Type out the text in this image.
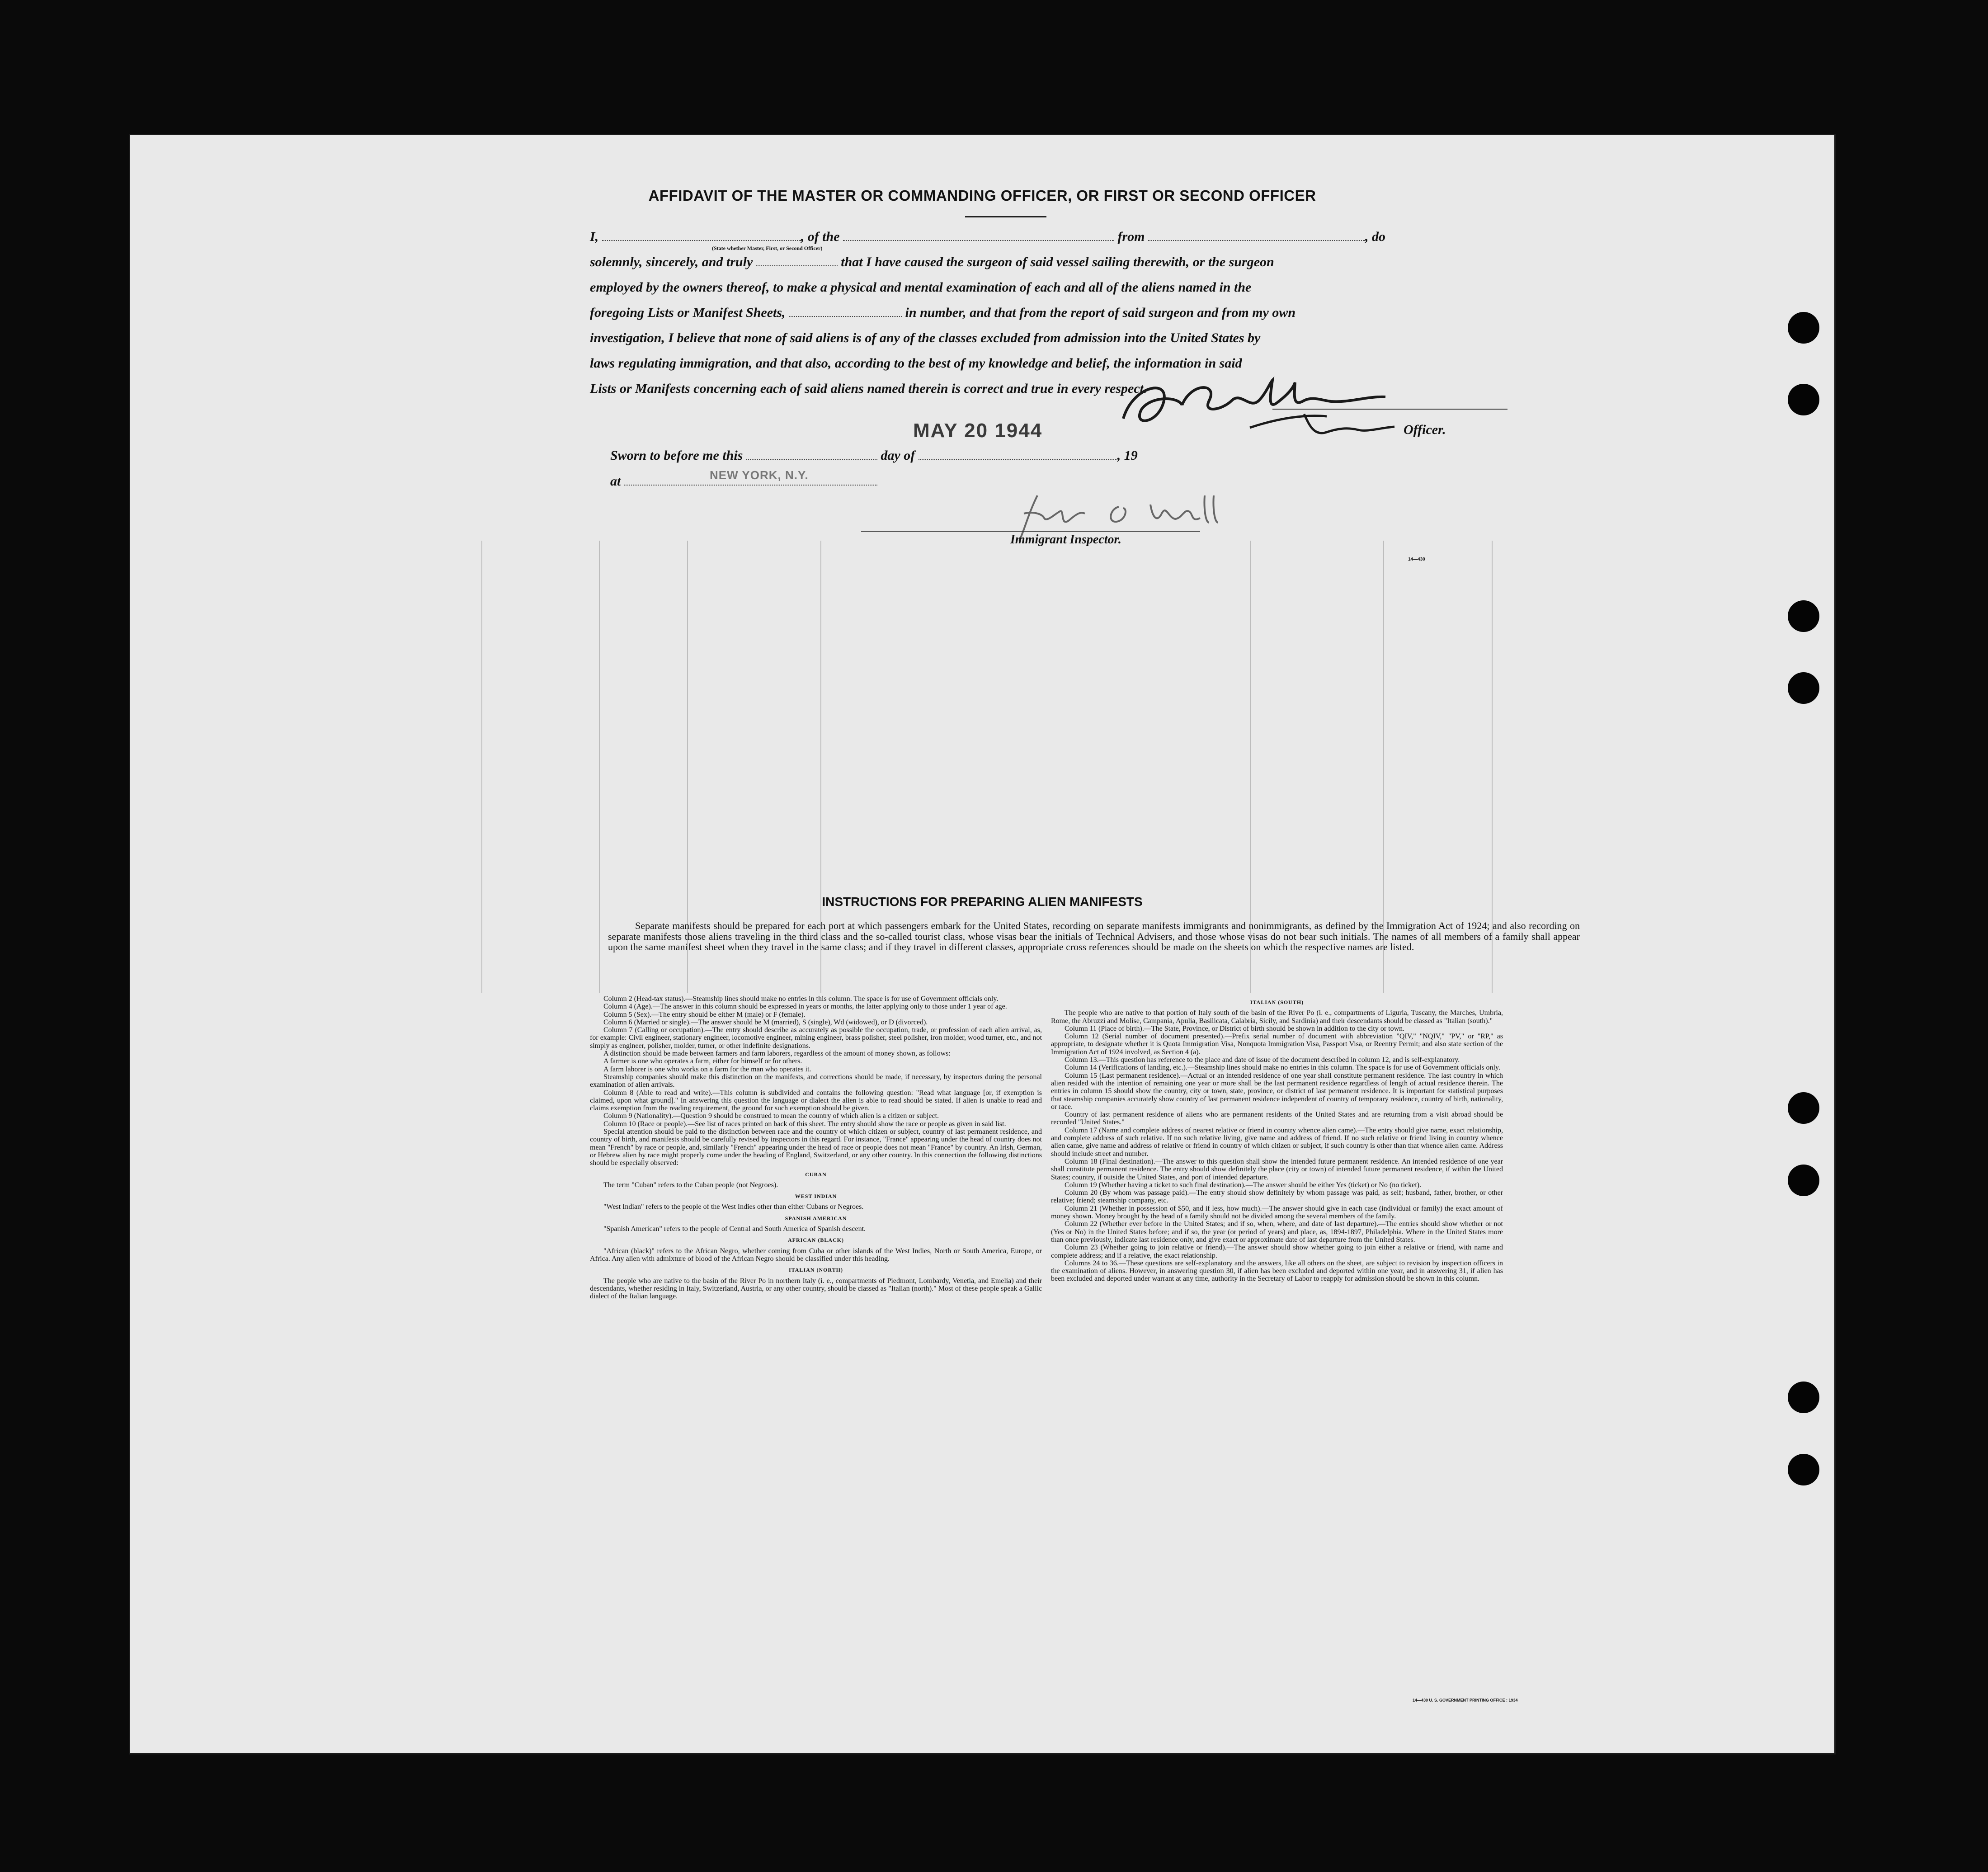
AFFIDAVIT OF THE MASTER OR COMMANDING OFFICER, OR FIRST OR SECOND OFFICER

I,	, of the	from	, do

solemnly, sincerely, and truly	that I have caused the surgeon of said vessel sailing therewith, or the surgeon

employed by the owners thereof, to make a physical and mental examination of each and all of the aliens named in the

foregoing Lists or Manifest Sheets,	in number, and that from the report of said surgeon and from my own

investigation, I believe that none of said aliens is of any of the classes excluded from admission into the United States by

laws regulating immigration, and that also, according to the best of my knowledge and belief, the information in said

Lists or Manifests concerning each of said aliens named therein is correct and true in every respect.

(State whether Master, First, or Second Officer)
Officer.
MAY 20 1944
Sworn to before me this	day of	, 19
at	NEW YORK, N.Y.
Immigrant Inspector.
14—430
INSTRUCTIONS FOR PREPARING ALIEN MANIFESTS
Separate manifests should be prepared for each port at which passengers embark for the United States, recording on separate manifests immigrants and nonimmigrants, as defined by the Immigration Act of 1924; and also recording on separate manifests those aliens traveling in the third class and the so-called tourist class, whose visas bear the initials of Technical Advisers, and those whose visas do not bear such initials. The names of all members of a family shall appear upon the same manifest sheet when they travel in the same class; and if they travel in different classes, appropriate cross references should be made on the sheets on which the respective names are listed.

Column 2 (Head-tax status).—Steamship lines should make no entries in this column. The space is for use of Government officials only.

Column 4 (Age).—The answer in this column should be expressed in years or months, the latter applying only to those under 1 year of age.

Column 5 (Sex).—The entry should be either M (male) or F (female).

Column 6 (Married or single).—The answer should be M (married), S (single), Wd (widowed), or D (divorced).

Column 7 (Calling or occupation).—The entry should describe as accurately as possible the occupation, trade, or profession of each alien arrival, as, for example: Civil engineer, stationary engineer, locomotive engineer, mining engineer, brass polisher, steel polisher, iron molder, wood turner, etc., and not simply as engineer, polisher, molder, turner, or other indefinite designations.

A distinction should be made between farmers and farm laborers, regardless of the amount of money shown, as follows:

A farmer is one who operates a farm, either for himself or for others.

A farm laborer is one who works on a farm for the man who operates it.

Steamship companies should make this distinction on the manifests, and corrections should be made, if necessary, by inspectors during the personal examination of alien arrivals.

Column 8 (Able to read and write).—This column is subdivided and contains the following question: "Read what language [or, if exemption is claimed, upon what ground]." In answering this question the language or dialect the alien is able to read should be stated. If alien is unable to read and claims exemption from the reading requirement, the ground for such exemption should be given.

Column 9 (Nationality).—Question 9 should be construed to mean the country of which alien is a citizen or subject.

Column 10 (Race or people).—See list of races printed on back of this sheet. The entry should show the race or people as given in said list.

Special attention should be paid to the distinction between race and the country of which citizen or subject, country of last permanent residence, and country of birth, and manifests should be carefully revised by inspectors in this regard. For instance, "France" appearing under the head of country does not mean "French" by race or people, and, similarly "French" appearing under the head of race or people does not mean "France" by country. An Irish, German, or Hebrew alien by race might properly come under the heading of England, Switzerland, or any other country. In this connection the following distinctions should be especially observed:

CUBAN

The term "Cuban" refers to the Cuban people (not Negroes).

WEST INDIAN

"West Indian" refers to the people of the West Indies other than either Cubans or Negroes.

SPANISH AMERICAN

"Spanish American" refers to the people of Central and South America of Spanish descent.

AFRICAN (BLACK)

"African (black)" refers to the African Negro, whether coming from Cuba or other islands of the West Indies, North or South America, Europe, or Africa. Any alien with admixture of blood of the African Negro should be classified under this heading.

ITALIAN (NORTH)

The people who are native to the basin of the River Po in northern Italy (i. e., compartments of Piedmont, Lombardy, Venetia, and Emelia) and their descendants, whether residing in Italy, Switzerland, Austria, or any other country, should be classed as "Italian (north)." Most of these people speak a Gallic dialect of the Italian language.

ITALIAN (SOUTH)

The people who are native to that portion of Italy south of the basin of the River Po (i. e., compartments of Liguria, Tuscany, the Marches, Umbria, Rome, the Abruzzi and Molise, Campania, Apulia, Basilicata, Calabria, Sicily, and Sardinia) and their descendants should be classed as "Italian (south)."

Column 11 (Place of birth).—The State, Province, or District of birth should be shown in addition to the city or town.

Column 12 (Serial number of document presented).—Prefix serial number of document with abbreviation "QIV," "NQIV," "PV," or "RP," as appropriate, to designate whether it is Quota Immigration Visa, Nonquota Immigration Visa, Passport Visa, or Reentry Permit; and also state section of the Immigration Act of 1924 involved, as Section 4 (a).

Column 13.—This question has reference to the place and date of issue of the document described in column 12, and is self-explanatory.

Column 14 (Verifications of landing, etc.).—Steamship lines should make no entries in this column. The space is for use of Government officials only.

Column 15 (Last permanent residence).—Actual or an intended residence of one year shall constitute permanent residence. The last country in which alien resided with the intention of remaining one year or more shall be the last permanent residence regardless of length of actual residence therein. The entries in column 15 should show the country, city or town, state, province, or district of last permanent residence. It is important for statistical purposes that steamship companies accurately show country of last permanent residence independent of country of temporary residence, country of birth, nationality, or race.

Country of last permanent residence of aliens who are permanent residents of the United States and are returning from a visit abroad should be recorded "United States."

Column 17 (Name and complete address of nearest relative or friend in country whence alien came).—The entry should give name, exact relationship, and complete address of such relative. If no such relative living, give name and address of friend. If no such relative or friend living in country whence alien came, give name and address of relative or friend in country of which citizen or subject, if such country is other than that whence alien came. Address should include street and number.

Column 18 (Final destination).—The answer to this question shall show the intended future permanent residence. An intended residence of one year shall constitute permanent residence. The entry should show definitely the place (city or town) of intended future permanent residence, if within the United States; country, if outside the United States, and port of intended departure.

Column 19 (Whether having a ticket to such final destination).—The answer should be either Yes (ticket) or No (no ticket).

Column 20 (By whom was passage paid).—The entry should show definitely by whom passage was paid, as self; husband, father, brother, or other relative; friend; steamship company, etc.

Column 21 (Whether in possession of $50, and if less, how much).—The answer should give in each case (individual or family) the exact amount of money shown. Money brought by the head of a family should not be divided among the several members of the family.

Column 22 (Whether ever before in the United States; and if so, when, where, and date of last departure).—The entries should show whether or not (Yes or No) in the United States before; and if so, the year (or period of years) and place, as, 1894-1897, Philadelphia. Where in the United States more than once previously, indicate last residence only, and give exact or approximate date of last departure from the United States.

Column 23 (Whether going to join relative or friend).—The answer should show whether going to join either a relative or friend, with name and complete address; and if a relative, the exact relationship.

Columns 24 to 36.—These questions are self-explanatory and the answers, like all others on the sheet, are subject to revision by inspection officers in the examination of aliens. However, in answering question 30, if alien has been excluded and deported within one year, and in answering 31, if alien has been excluded and deported under warrant at any time, authority in the Secretary of Labor to reapply for admission should be shown in this column.

14—430 U. S. GOVERNMENT PRINTING OFFICE : 1934
